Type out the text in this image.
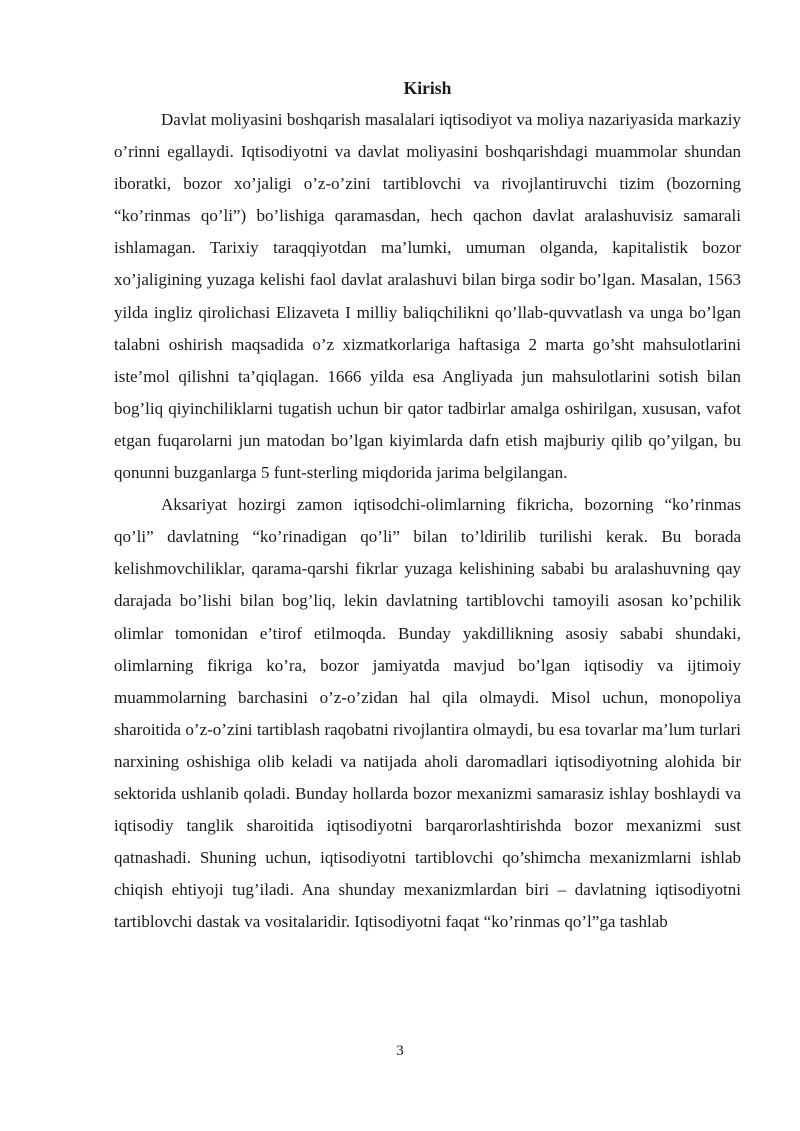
Kirish

Davlat moliyasini boshqarish masalalari iqtisodiyot va moliya nazariyasida markaziy o’rinni egallaydi. Iqtisodiyotni va davlat moliyasini boshqarishdagi muammolar shundan iboratki, bozor xo’jaligi o’z-o’zini tartiblovchi va rivojlantiruvchi tizim (bozorning “ko’rinmas qo’li”) bo’lishiga qaramasdan, hech qachon davlat aralashuvisiz samarali ishlamagan. Tarixiy taraqqiyotdan ma’lumki, umuman olganda, kapitalistik bozor xo’jaligining yuzaga kelishi faol davlat aralashuvi bilan birga sodir bo’lgan. Masalan, 1563 yilda ingliz qirolichasi Elizaveta I milliy baliqchilikni qo’llab-quvvatlash va unga bo’lgan talabni oshirish maqsadida o’z xizmatkorlariga haftasiga 2 marta go’sht mahsulotlarini iste’mol qilishni ta’qiqlagan. 1666 yilda esa Angliyada jun mahsulotlarini sotish bilan bog’liq qiyinchiliklarni tugatish uchun bir qator tadbirlar amalga oshirilgan, xususan, vafot etgan fuqarolarni jun matodan bo’lgan kiyimlarda dafn etish majburiy qilib qo’yilgan, bu qonunni buzganlarga 5 funt-sterling miqdorida jarima belgilangan.

Aksariyat hozirgi zamon iqtisodchi-olimlarning fikricha, bozorning “ko’rinmas qo’li” davlatning “ko’rinadigan qo’li” bilan to’ldirilib turilishi kerak. Bu borada kelishmovchiliklar, qarama-qarshi fikrlar yuzaga kelishining sababi bu aralashuvning qay darajada bo’lishi bilan bog’liq, lekin davlatning tartiblovchi tamoyili asosan ko’pchilik olimlar tomonidan e’tirof etilmoqda. Bunday yakdillikning asosiy sababi shundaki, olimlarning fikriga ko’ra, bozor jamiyatda mavjud bo’lgan iqtisodiy va ijtimoiy muammolarning barchasini o’z-o’zidan hal qila olmaydi. Misol uchun, monopoliya sharoitida o’z-o’zini tartiblash raqobatni rivojlantira olmaydi, bu esa tovarlar ma’lum turlari narxining oshishiga olib keladi va natijada aholi daromadlari iqtisodiyotning alohida bir sektorida ushlanib qoladi. Bunday hollarda bozor mexanizmi samarasiz ishlay boshlaydi va iqtisodiy tanglik sharoitida iqtisodiyotni barqarorlashtirishda bozor mexanizmi sust qatnashadi. Shuning uchun, iqtisodiyotni tartiblovchi qo’shimcha mexanizmlarni ishlab chiqish ehtiyoji tug’iladi. Ana shunday mexanizmlardan biri – davlatning iqtisodiyotni tartiblovchi dastak va vositalaridir. Iqtisodiyotni faqat “ko’rinmas qo’l”ga tashlab

3
